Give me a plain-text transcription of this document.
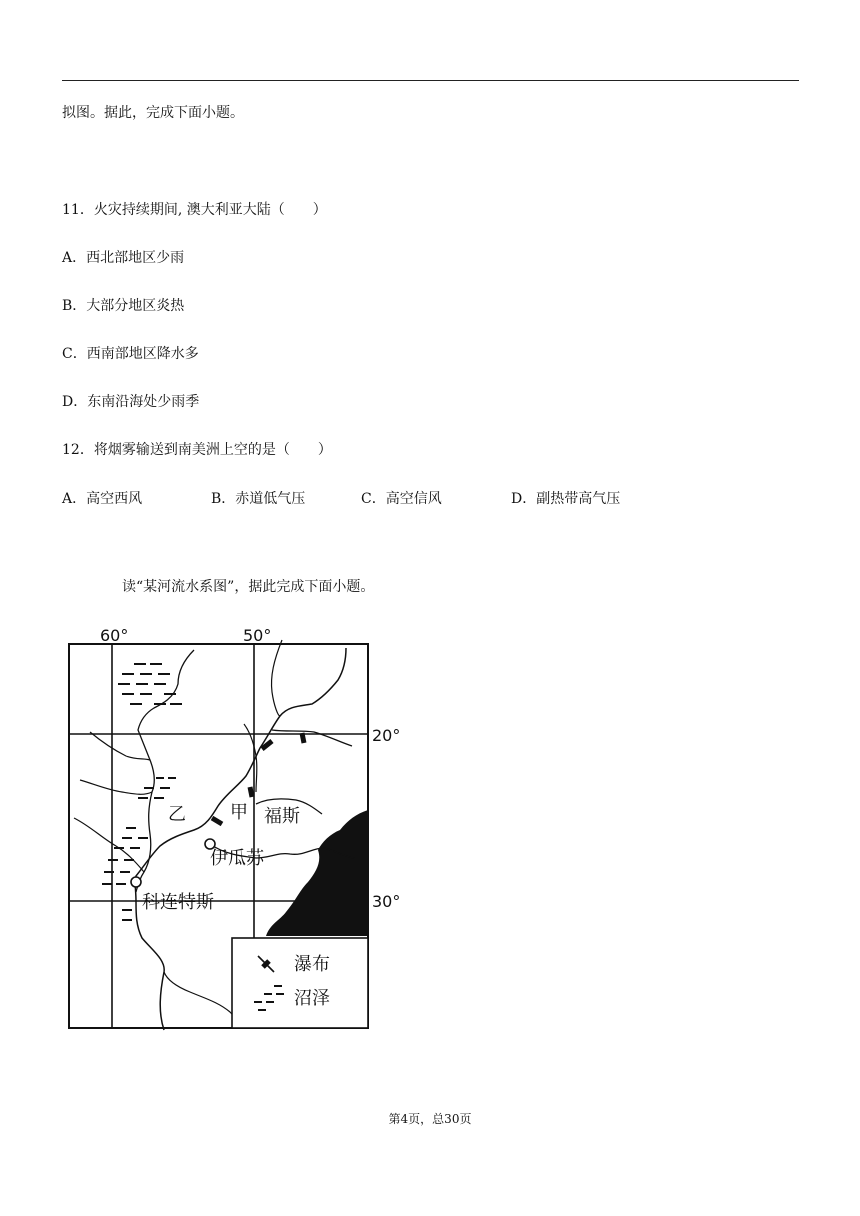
拟图。据此，完成下面小题。
11．火灾持续期间, 澳大利亚大陆（　　）
A．西北部地区少雨
B．大部分地区炎热
C．西南部地区降水多
D．东南沿海处少雨季
12．将烟雾输送到南美洲上空的是（　　）
A．高空西风	B．赤道低气压	C．高空信风	D．副热带高气压
读“某河流水系图”，据此完成下面小题。
60°	50°
20°
30°
乙 甲 福斯
伊瓜苏
科连特斯
瀑布
沼泽
第4页，总30页
